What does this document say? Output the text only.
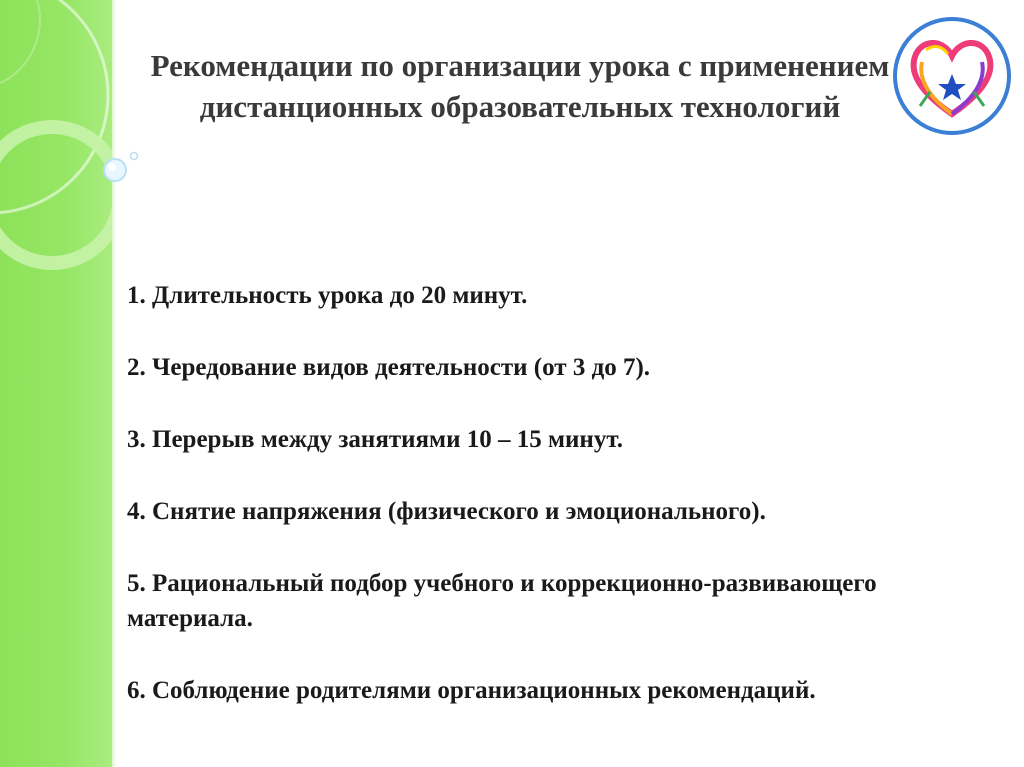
Рекомендации по организации урока с применением дистанционных образовательных технологий
1. Длительность урока до 20 минут.
2. Чередование видов деятельности (от 3 до 7).
3. Перерыв между занятиями 10 – 15 минут.
4. Снятие напряжения (физического и эмоционального).
5. Рациональный подбор учебного и коррекционно-развивающего материала.
6. Соблюдение родителями организационных рекомендаций.
